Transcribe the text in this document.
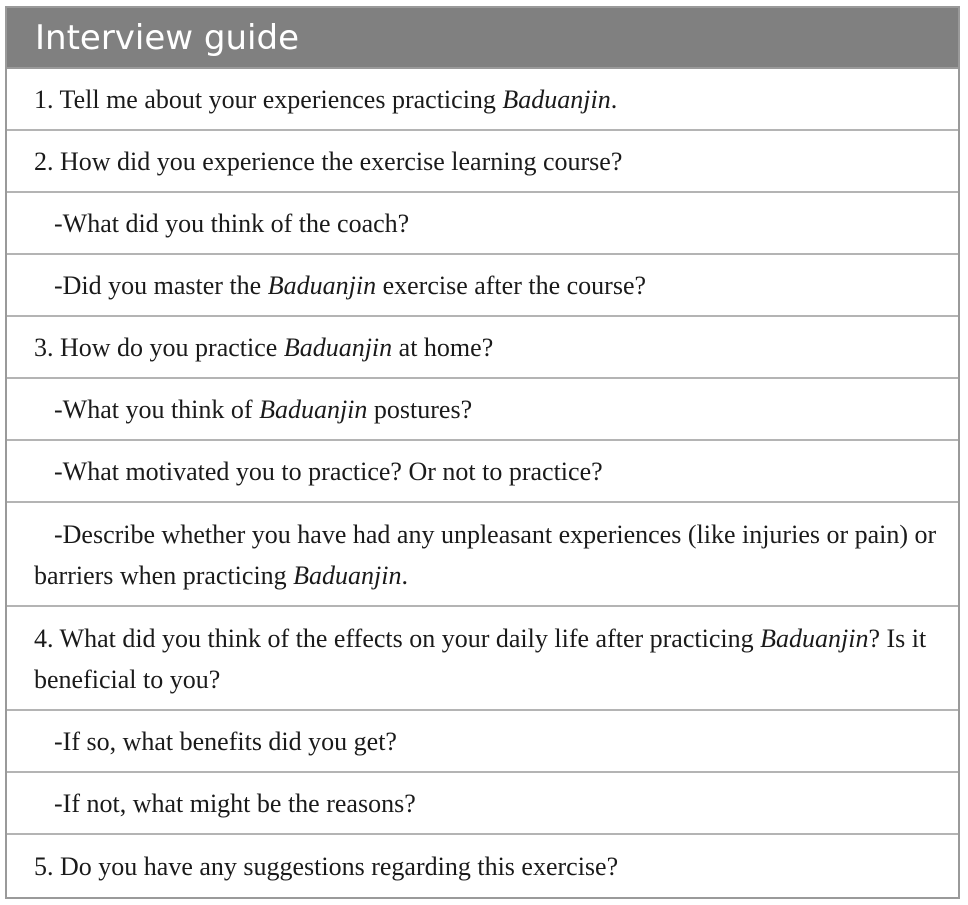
Interview guide
1. Tell me about your experiences practicing Baduanjin.
2. How did you experience the exercise learning course?
-What did you think of the coach?
-Did you master the Baduanjin exercise after the course?
3. How do you practice Baduanjin at home?
-What you think of Baduanjin postures?
-What motivated you to practice? Or not to practice?
-Describe whether you have had any unpleasant experiences (like injuries or pain) or barriers when practicing Baduanjin.
4. What did you think of the effects on your daily life after practicing Baduanjin? Is it beneficial to you?
-If so, what benefits did you get?
-If not, what might be the reasons?
5. Do you have any suggestions regarding this exercise?
